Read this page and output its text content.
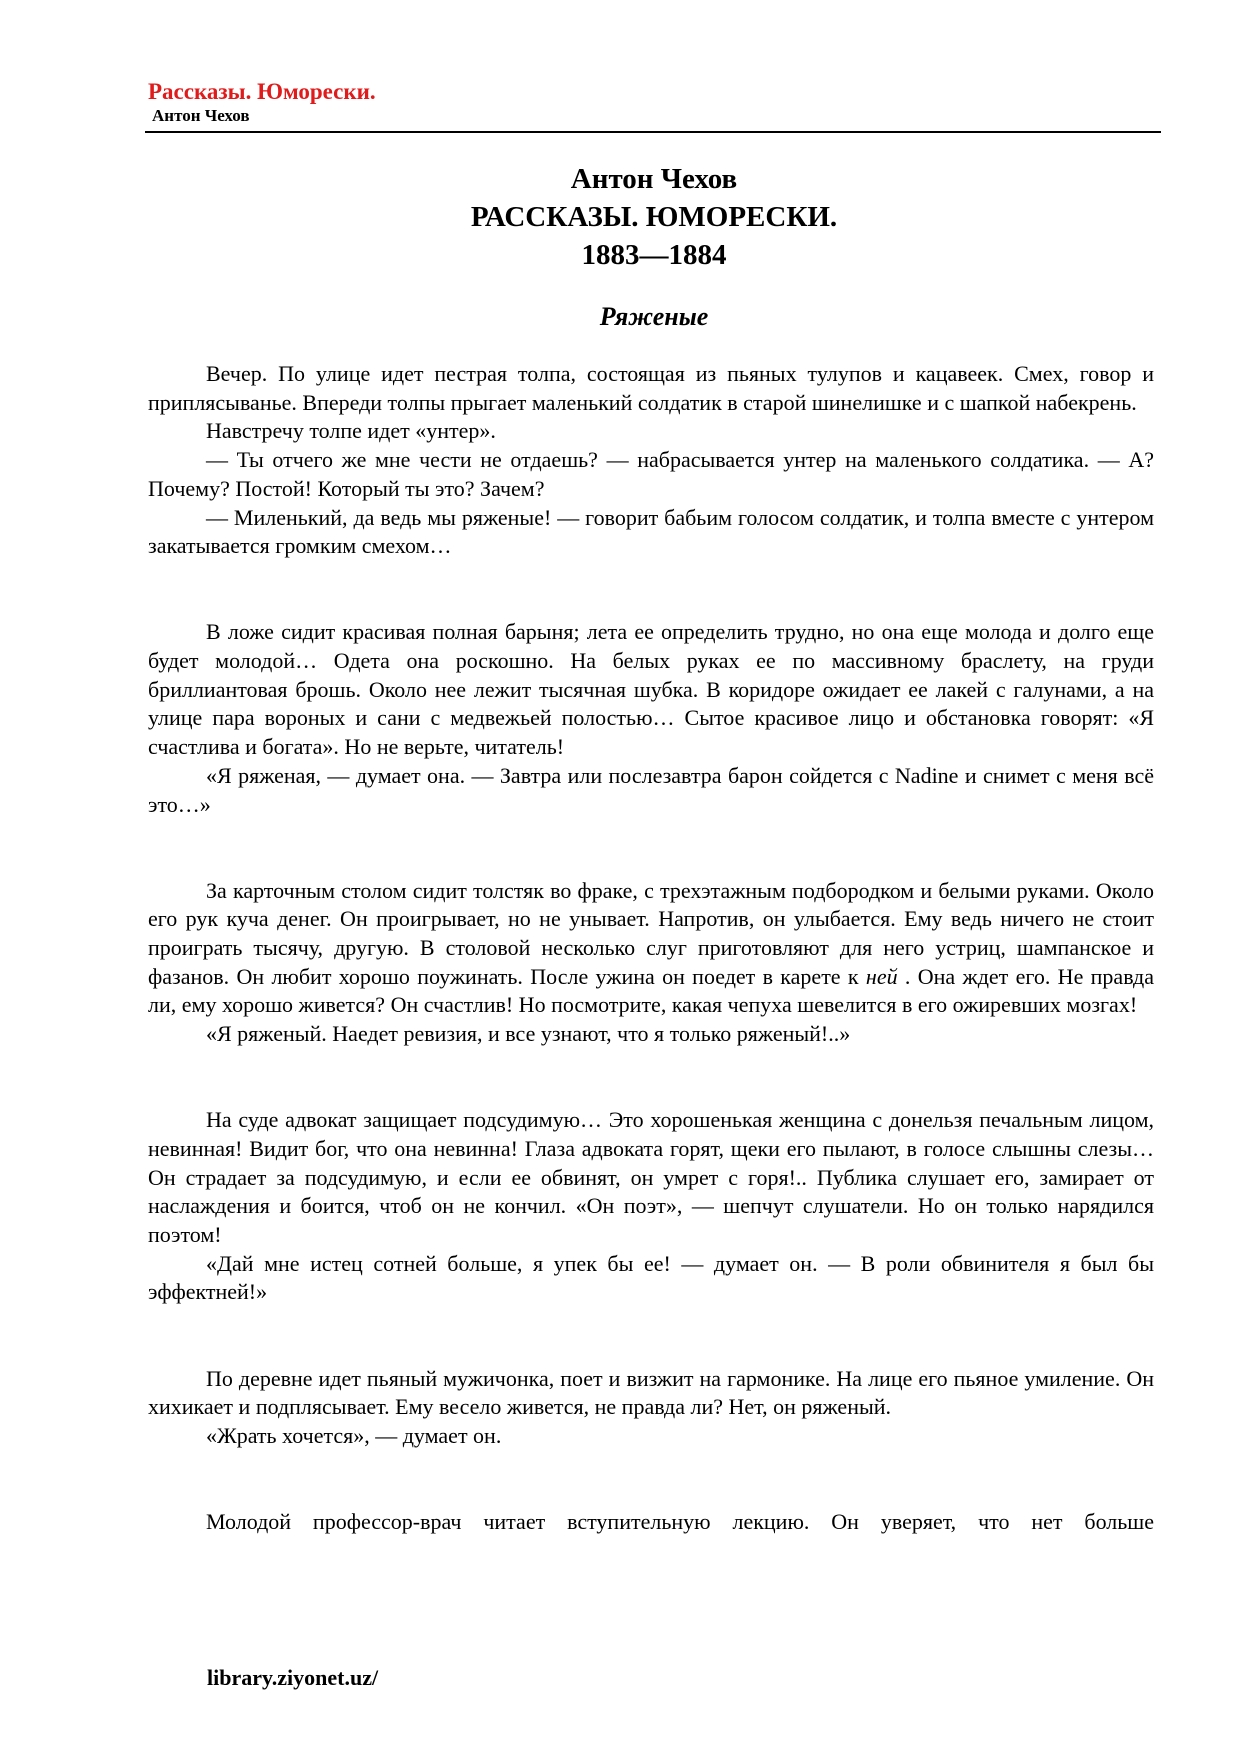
Рассказы. Юморески.
Антон Чехов
Антон Чехов
РАССКАЗЫ. ЮМОРЕСКИ.
1883—1884
Ряженые

Вечер. По улице идет пестрая толпа, состоящая из пьяных тулупов и кацавеек. Смех, говор и приплясыванье. Впереди толпы прыгает маленький солдатик в старой шинелишке и с шапкой набекрень.

Навстречу толпе идет «унтер».

— Ты отчего же мне чести не отдаешь? — набрасывается унтер на маленького солдатика. — А? Почему? Постой! Который ты это? Зачем?

— Миленький, да ведь мы ряженые! — говорит бабьим голосом солдатик, и толпа вместе с унтером закатывается громким смехом…

В ложе сидит красивая полная барыня; лета ее определить трудно, но она еще молода и долго еще будет молодой… Одета она роскошно. На белых руках ее по массивному браслету, на груди бриллиантовая брошь. Около нее лежит тысячная шубка. В коридоре ожидает ее лакей с галунами, а на улице пара вороных и сани с медвежьей полостью… Сытое красивое лицо и обстановка говорят: «Я счастлива и богата». Но не верьте, читатель!

«Я ряженая, — думает она. — Завтра или послезавтра барон сойдется с Nadine и снимет с меня всё это…»

За карточным столом сидит толстяк во фраке, с трехэтажным подбородком и белыми руками. Около его рук куча денег. Он проигрывает, но не унывает. Напротив, он улыбается. Ему ведь ничего не стоит проиграть тысячу, другую. В столовой несколько слуг приготовляют для него устриц, шампанское и фазанов. Он любит хорошо поужинать. После ужина он поедет в карете к ней . Она ждет его. Не правда ли, ему хорошо живется? Он счастлив! Но посмотрите, какая чепуха шевелится в его ожиревших мозгах!

«Я ряженый. Наедет ревизия, и все узнают, что я только ряженый!..»

На суде адвокат защищает подсудимую… Это хорошенькая женщина с донельзя печальным лицом, невинная! Видит бог, что она невинна! Глаза адвоката горят, щеки его пылают, в голосе слышны слезы… Он страдает за подсудимую, и если ее обвинят, он умрет с горя!.. Публика слушает его, замирает от наслаждения и боится, чтоб он не кончил. «Он поэт», — шепчут слушатели. Но он только нарядился поэтом!

«Дай мне истец сотней больше, я упек бы ее! — думает он. — В роли обвинителя я был бы эффектней!»

По деревне идет пьяный мужичонка, поет и визжит на гармонике. На лице его пьяное умиление. Он хихикает и подплясывает. Ему весело живется, не правда ли? Нет, он ряженый.

«Жрать хочется», — думает он.

Молодой профессор-врач читает вступительную лекцию. Он уверяет, что нет больше

library.ziyonet.uz/
